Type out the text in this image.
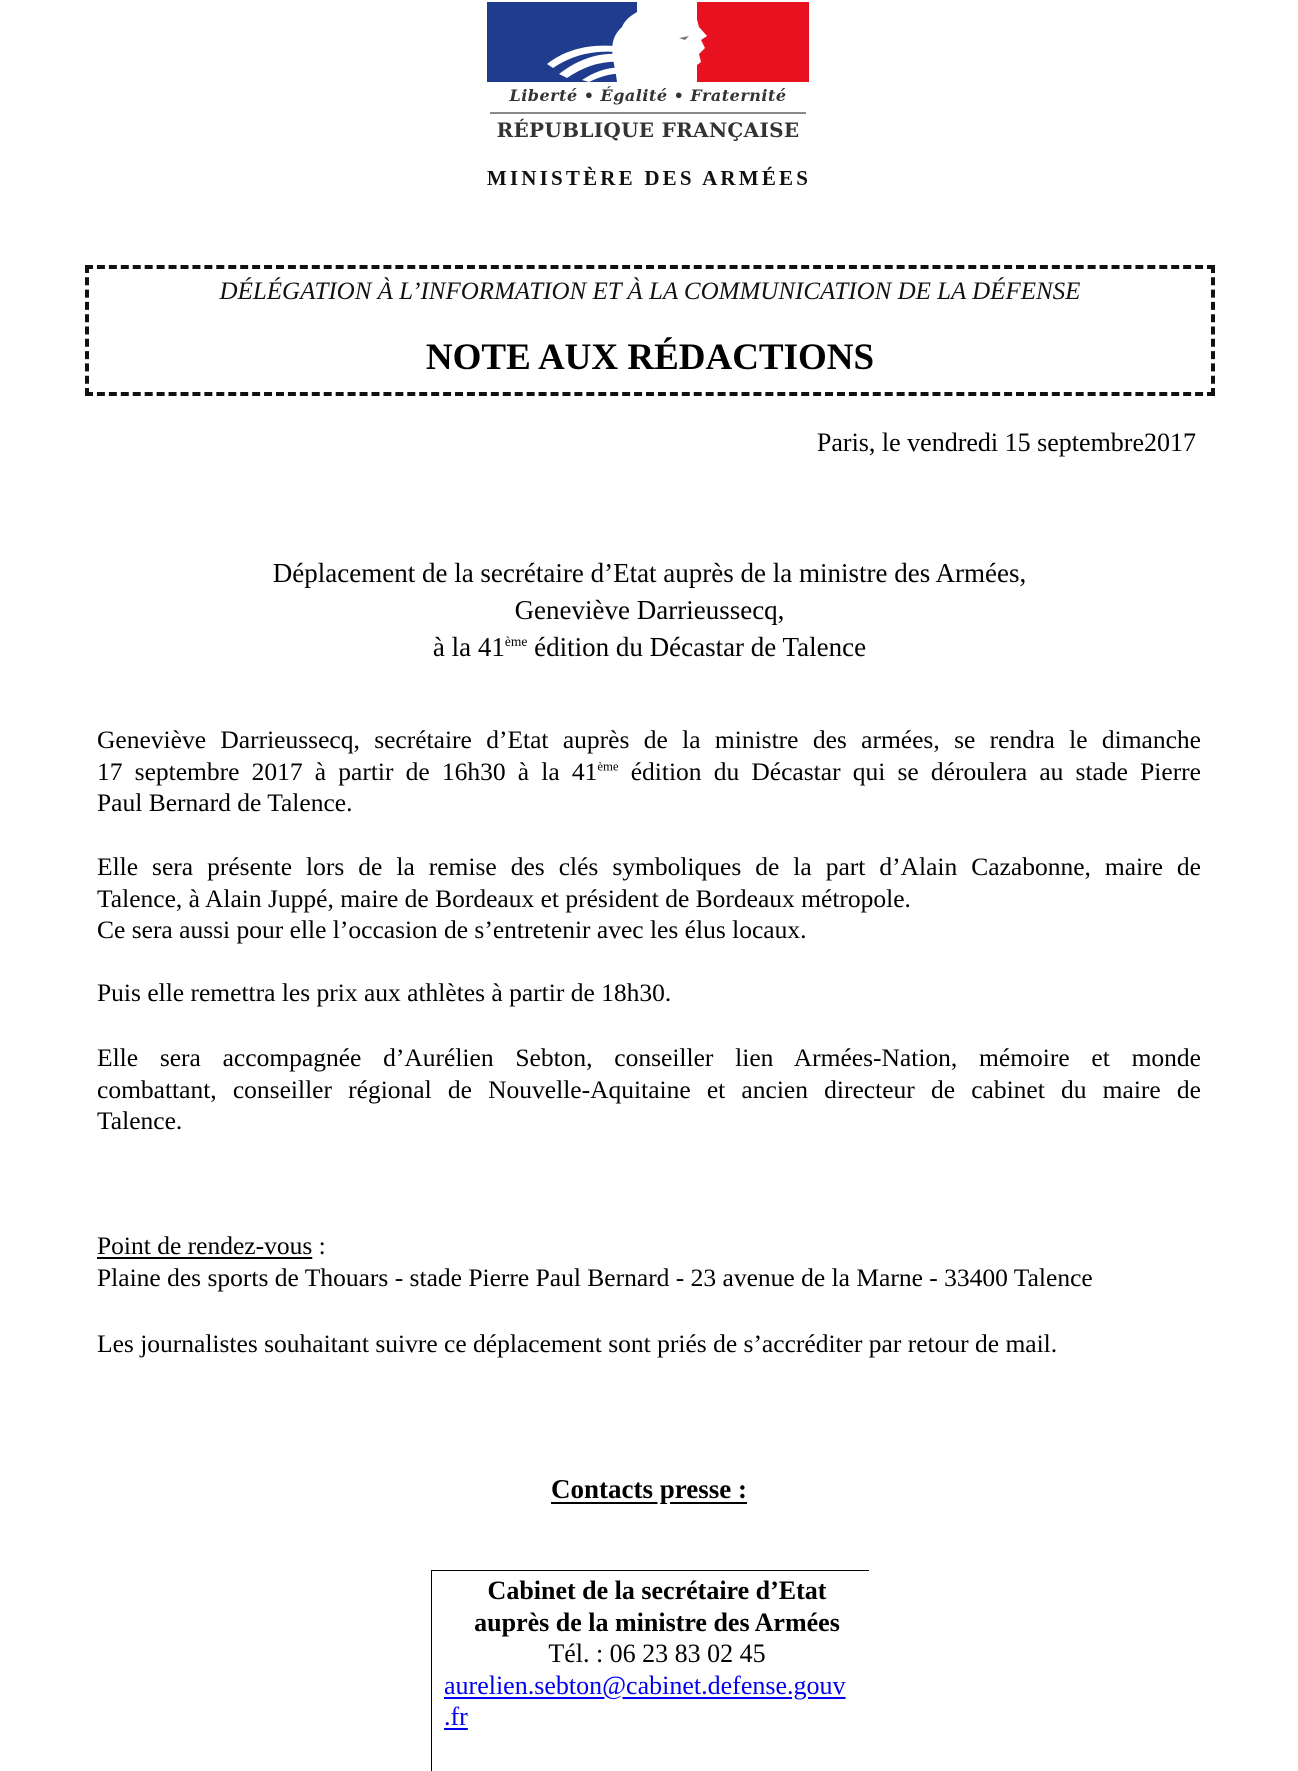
Liberté • Égalité • Fraternité
RÉPUBLIQUE FRANÇAISE
MINISTÈRE DES ARMÉES
DÉLÉGATION À L’INFORMATION ET À LA COMMUNICATION DE LA DÉFENSE
NOTE AUX RÉDACTIONS
Paris, le vendredi 15 septembre2017
Déplacement de la secrétaire d’Etat auprès de la ministre des Armées,
Geneviève Darrieussecq,
à la 41ème édition du Décastar de Talence
Geneviève Darrieussecq, secrétaire d’Etat auprès de la ministre des armées, se rendra le dimanche
17 septembre 2017 à partir de 16h30 à la 41ème édition du Décastar qui se déroulera au stade Pierre
Paul Bernard de Talence.
Elle sera présente lors de la remise des clés symboliques de la part d’Alain Cazabonne, maire de
Talence, à Alain Juppé, maire de Bordeaux et président de Bordeaux métropole.
Ce sera aussi pour elle l’occasion de s’entretenir avec les élus locaux.
Puis elle remettra les prix aux athlètes à partir de 18h30.
Elle sera accompagnée d’Aurélien Sebton, conseiller lien Armées-Nation, mémoire et monde
combattant, conseiller régional de Nouvelle-Aquitaine et ancien directeur de cabinet du maire de
Talence.
Point de rendez-vous :
Plaine des sports de Thouars - stade Pierre Paul Bernard - 23 avenue de la Marne - 33400 Talence
Les journalistes souhaitant suivre ce déplacement sont priés de s’accréditer par retour de mail.
Contacts presse :
Cabinet de la secrétaire d’Etat
auprès de la ministre des Armées
Tél. : 06 23 83 02 45
aurelien.sebton@cabinet.defense.gouv
.fr
